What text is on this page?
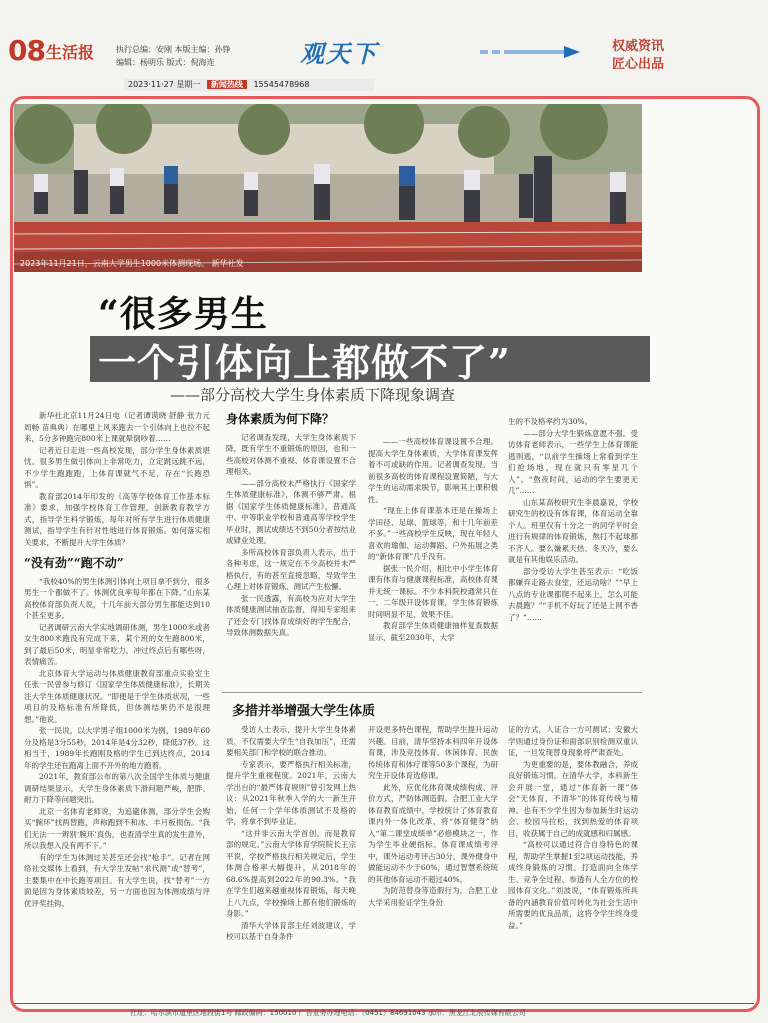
08 生活报	执行总编：安刚 本版主编：孙铮
编辑：杨明乐 版式：倪海连	观天下	权威资讯
匠心出品
2023·11·27 星期一 新闻热线 15545478968
2023年11月21日，云南大学男生1000米体测现场。 新华社发
“很多男生
一个引体向上都做不了”
——部分高校大学生身体素质下降现象调查

新华社北京11月24日电（记者谭谟晓 舒静 张力元 周畅 苗典典）在哪里上风来跑去一个引体向上也拉不起来，5分多钟跑完800米上课就晕倒吵着……

记者近日走进一些高校发现，部分学生身体素质堪忧。很多男生做引体向上非常吃力，立定跳远跳不远，不少学生跑跑跑，上体育课就气不足，存在“长跑恐惧”。

教育部2014年印发的《高等学校体育工作基本标准》要求，加强学校体育工作管理，创新教育教学方式，指导学生科学锻炼，每年对所有学生进行体质健康测试，指导学生有针对性地进行体育锻炼。如何落实相关要求，不断提升大学生体质？

“没有劲”“跑不动”

“我校40%的男生体测引体向上项目拿不到分，很多男生一个都做不了。体测优良率每年都在下降。”山东某高校体育部负责人说，十几年前大部分男生都能达到10个甚至更多。

记者调研云南大学实地调研体测，男生1000米或者女生800米跑没有完成下来，某个班的女生跑800米，到了最后50米，明显非常吃力，冲过终点后有哪些呀，表情痛苦。

北京体育大学运动与体质健康教育部重点实验室主任张一民曾参与修订《国家学生体质健康标准》，长期关注大学生体质健康状况。“即便是于学生体质状况，一些项目的及格标准有所降低，但体测结果仍不是很理想。”他说。

张一民说，以大学男子组1000米为例，1989年60分及格是3分55秒，2014年是4分32秒，降低37秒。这相当于，1989年长跑刚及格的学生已到达终点，2014年的学生还在跑离上面不开外的地方跑着。

2021年，教育部公布的第八次全国学生体质与健康调研结果显示，大学生身体素质下滑问题严峻，肥胖、耐力下降等问题突出。

北京一名体育老师说，为追避体测，部分学生会购买“腕环”找两替跑，声称跑到不和冰、丰月板损伤。“我们无法一一辨别‘腕环’真伪，也查清学生真的发生意外，所以我想入没有两不下。”

有的学生为体测过关甚至还会找“枪手”。记者在网络社交媒体上看到，有大学生发帖“求代测”或“替考”，主要集中在中长跑等项目。有大学生说，找“替考”一方面是因为身体素质较差，另一方面也因为体测成绩与评优评奖挂钩。

身体素质为何下降？

记者调查发现，大学生身体素质下降，既有学生不重锻炼的原因，也和一些高校对体测不重视、体育课设置不合理相关。

——部分高校未严格执行《国家学生体质健康标准》，体测不够严肃。根据《国家学生体质健康标准》，普通高中、中等职业学校和普通高等学校学生毕业时，测试成绩达不到50分者按结业或肄业处理。

多所高校体育部负责人表示，出于各种考虑，这一规定在不少高校并未严格执行，有的甚至直接忽略，导致学生心理上对体育锻炼、测试产生松懈。

张一民透露，有高校为应对大学生体质健康测试抽查监督，得知专家组来了还会专门找体育成绩好的学生配合，导致体测数据失真。

——一些高校体育课设置不合理。提高大学生身体素质，大学体育课发挥着不可或缺的作用。记者调查发现，当前很多高校的体育课程设置简陋，与大学生的运动需求脱节，影响其上课积极性。

“现在上体育课基本还是在操场上学田径、足球、篮球等，和十几年前差不多。”一些高校学生反映，现在年轻人喜欢的瑜伽、运动舞蹈、户外拓展之类的“新体育课”几乎没有。

据张一民介绍，相比中小学生体育课有体育与健康课程标准，高校体育课并无统一课标。不少本科院校通常只在一、二年级开设体育课，学生体育锻炼时间明显不足、效果不佳。

教育部学生体质健康抽样复查数据显示，截至2030年，大学

生的不及格率约为30%。

——部分大学生锻炼意愿不强。受访体育老师表示，一些学生上体育课能逃则逃，“以前学生操场上常看到学生们抢场地，现在就只有零星几个人”。“熬夜时间，运动的学生要更无几”……

山东某高校研究生李晨嘉说，学校研究生的校设有体育课，体育运动全靠个人。班里仅有十分之一的同学平时会进行有规律的体育锻炼，熬打不起球都不齐人。要么嫌累天热、冬天冷，要么就是有其他娱乐活动。

部分受访大学生甚至表示：“吃饭都嫌弃走路去食堂，还运动啥？”“早上八点的专业课都爬不起来上，怎么可能去晨跑？”“手机不好玩了还是上网不香了？”……

多措并举增强大学生体质

受访人士表示，提升大学生身体素质，不仅需要大学生“自我加压”，还需要相关部门和学校的联合推动。

专家表示，要严格执行相关标准，提升学生重视程度。2021年，云南大学出台的“最严体育规则”曾引发网上热议：从2021年秋季入学的大一新生开始，任何一个学年体质测试不及格的学，将拿不到毕业证。

“这并非云南大学首创，而是教育部的规定。”云南大学体育学院院长王宗平说，学校严格执行相关规定后，学生体测合格率大幅提升，从2018年的68.6%提高到2022年的90.3%。“我在学生们越来越重视体育锻炼，每天晚上八九点，学校操场上都有他们锻炼的身影。”

清华大学体育部主任刘波建议，学校可以基于自身条件

开设更多特色课程，帮助学生提升运动兴趣。目前，清华坚持本科四年开设体育课，涉及竞技体育、休闲体育、民族传统体育和体疗课等50多个课程，为研究生开设体育选修课。

此外，应优化体育课成绩构成、评价方式，严防体测造假。合肥工业大学体育教育成绩中，学校统计了体育教育课内外一体化改革，将“体育健身”纳入“第二课堂成绩单”必修模块之一，作为学生毕业硬指标。体育课成绩考评中，课外运动考评占30分，课外健身中做能运动不少于60%，通过智慧系统统的其他体育运动不超过40%。

为防范替身等造假行为，合肥工业大学采用验证学生身份

证的方式，人证合一方可测试；安徽大学则通过身份证和面部识别检测双重认证，一旦发现替身现象将严肃查处。

为更重要的是，要体教融合，养成良好锻炼习惯。在清华大学，本科新生会开展一堂，通过“体育新一课”体会“无体育，不清华”的体育传统与精神。也有不少学生因为参加新生时运动会、校园马拉松，找到热爱的体育项目，收获属于自己的成就感和归属感。

“高校可以通过符合自身特色的课程，帮助学生掌握1至2项运动技能，养成终身锻炼的习惯。打造面向全体学生、竞争全过程、参透有人全方位的校园体育文化。”刘波说，“体育锻炼所具备的内涵教育价值可转化为社会生活中所需要的优良品质，这将令学生终身受益。”

社址：哈尔滨市道里区地段街1号 邮政编码：150010 广告业务办理电话：（0451）84691043 承印：黑龙江北辰传媒有限公司
